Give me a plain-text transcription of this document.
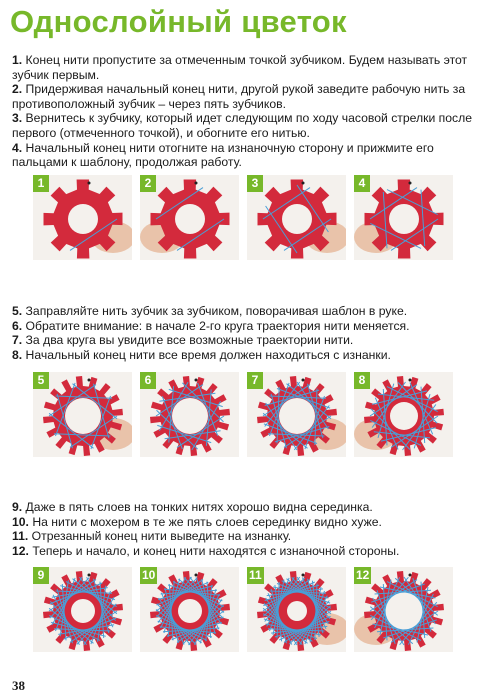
Однослойный цветок

1. Конец нити пропустите за отмеченным точкой зубчиком. Будем называть этот зубчик первым.

2. Придерживая начальный конец нити, другой рукой заведите рабочую нить за противоположный зубчик – через пять зубчиков.

3. Вернитесь к зубчику, который идет следующим по ходу часовой стрелки после первого (отмеченного точкой), и обогните его нитью.

4. Начальный конец нити отогните на изнаночную сторону и прижмите его пальцами к шаблону, продолжая работу.

1	2	3	4

5. Заправляйте нить зубчик за зубчиком, поворачивая шаблон в руке.

6. Обратите внимание: в начале 2-го круга траектория нити меняется.

7. За два круга вы увидите все возможные траектории нити.

8. Начальный конец нити все время должен находиться с изнанки.

5	6	7	8

9. Даже в пять слоев на тонких нитях хорошо видна серединка.

10. На нити с мохером в те же пять слоев серединку видно хуже.

11. Отрезанный конец нити выведите на изнанку.

12. Теперь и начало, и конец нити находятся с изнаночной стороны.

9	10	11	12
38
